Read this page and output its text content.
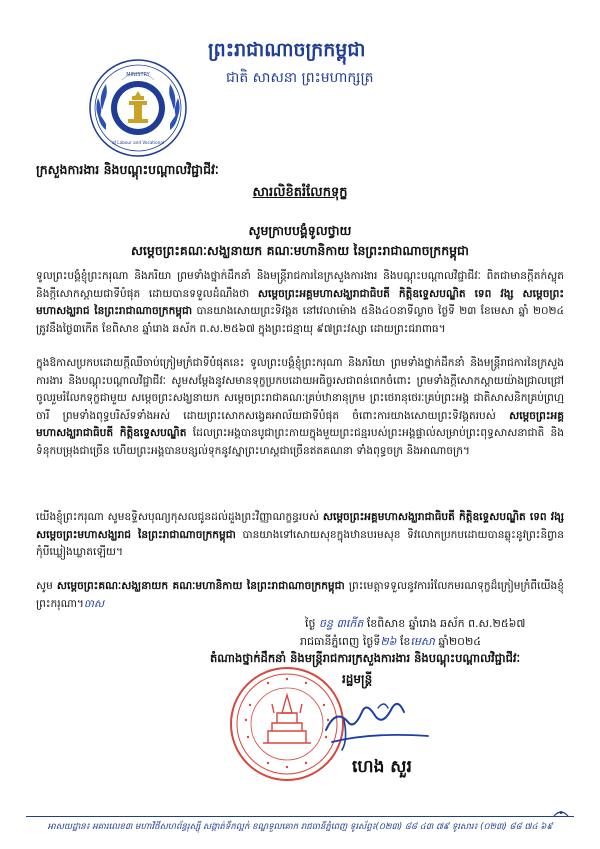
ព្រះរាជាណាចក្រកម្ពុជា
ជាតិ សាសនា ព្រះមហាក្សត្រ
MINISTRY
of Labour and Vocational
ក្រសួងការងារ និងបណ្តុះបណ្តាលវិជ្ជាជីវៈ
សារលិខិតរំលែកទុក្ខ
សូមក្រាបបង្គំទូលថ្វាយ
សម្តេចព្រះគណៈសង្ឃនាយក គណៈមហានិកាយ នៃព្រះរាជាណាចក្រកម្ពុជា
ទូលព្រះបង្គំខ្ញុំព្រះករុណា និងភរិយា ព្រមទាំងថ្នាក់ដឹកនាំ និងមន្ត្រីរាជការនៃក្រសួងការងារ និងបណ្តុះបណ្តាលវិជ្ជាជីវៈ ពិតជាមានក្តីតក់ស្លុតនិងក្តីសោកស្តាយជាទីបំផុត ដោយបានទទួលដំណឹងថា សម្តេចព្រះអគ្គមហាសង្ឃរាជាធិបតី កិត្តិឧទ្ទេសបណ្ឌិត ទេព វង្ស សម្តេចព្រះមហាសង្ឃរាជ នៃព្រះរាជាណាចក្រកម្ពុជា បានយាងសោយព្រះទិវង្គត នៅវេលាម៉ោង ៥និង៤០នាទីល្ងាច ថ្ងៃទី ២៣ ខែមេសា ឆ្នាំ ២០២៤ ត្រូវនឹងថ្ងៃ៣កើត ខែពិសាខ ឆ្នាំរោង ឆស័ក ព.ស.២៥៦៧ ក្នុងព្រះជន្មាយុ ៩៧ព្រះវស្សា ដោយព្រះជរាពាធ។
ក្នុងឱកាសប្រកបដោយក្តីឈឺចាប់ក្រៀមក្រំជាទីបំផុតនេះ ទូលព្រះបង្គំខ្ញុំព្រះករុណា និងភរិយា ព្រមទាំងថ្នាក់ដឹកនាំ និងមន្ត្រីរាជការនៃក្រសួងការងារ និងបណ្តុះបណ្តាលវិជ្ជាជីវៈ សូមសម្តែងនូវសមានទុក្ខប្រកបដោយអធិច្ចរសជាពន់ពេកចំពោះ ព្រមទាំងក្តីសោកស្តាយយ៉ាងជ្រាលជ្រៅ ចូលរួមរំលែកទុក្ខជាមួយ សម្តេចព្រះសង្ឃនាយក សម្តេចព្រះរាជាគណៈគ្រប់ឋានានុក្រម ព្រះថេរានុថេរៈគ្រប់ព្រះអង្គ ជាតិសាសនិកគ្រប់ព្រហ្មចារី ព្រមទាំងពុទ្ធបរិស័ទទាំងអស់ ដោយព្រះសោកសង្វេគអាល័យជាទីបំផុត ចំពោះការយាងសោយព្រះទិវង្គតរបស់ សម្តេចព្រះអគ្គមហាសង្ឃរាជាធិបតី កិត្តិឧទ្ទេសបណ្ឌិត ដែលព្រះអង្គបានបូជាព្រះកាយក្នុងមួយព្រះជន្មរបស់ព្រះអង្គផ្ទាល់សម្រាប់ព្រះពុទ្ធសាសនាជាតិ និងទំនុកបម្រុងជាច្រើន ហើយព្រះអង្គបានបន្សល់ទុកនូវស្នាព្រះហស្តជាច្រើនឥតគណនា ទាំងពុទ្ធចក្រ និងអាណាចក្រ។
យើងខ្ញុំព្រះករុណា សូមឧទ្ទិសបុណ្យកុសលជូនដល់ដួងព្រះវិញ្ញាណក្ខន្ធរបស់ សម្តេចព្រះអគ្គមហាសង្ឃរាជាធិបតី កិត្តិឧទ្ទេសបណ្ឌិត ទេព វង្ស សម្តេចព្រះមហាសង្ឃរាជ នៃព្រះរាជាណាចក្រកម្ពុជា បានយាងទៅសោយសុខក្នុងឋានបរមសុខ ទិវលោកប្រកបដោយបានឆ្លុះនូវព្រះនិព្វានកុំបីឃ្លៀងឃ្លាតឡើយ។
សូម សម្តេចព្រះគណៈសង្ឃនាយក គណៈមហានិកាយ នៃព្រះរាជាណាចក្រកម្ពុជា ព្រះមេត្តាទទួលនូវការរំលែកមរណទុក្ខដ៏ក្រៀមក្រំពីយើងខ្ញុំព្រះករុណា។ចាស
ថ្ងៃ ចន្ទ ៣កើត ខែពិសាខ ឆ្នាំរោង ឆស័ក ព.ស.២៥៦៧
រាជធានីភ្នំពេញ ថ្ងៃទី២៦ ខែមេសា ឆ្នាំ២០២៤
តំណាងថ្នាក់ដឹកនាំ និងមន្ត្រីរាជការក្រសួងការងារ និងបណ្តុះបណ្តាលវិជ្ជាជីវៈ
រដ្ឋមន្ត្រី
ហេង សួរ
អាសយដ្ឋាន៖ អគារលេខ៣ មហាវិថីសហព័ន្ធរុស្ស៊ី សង្កាត់ទឹកល្អក់ ខណ្ឌទួលគោក រាជធានីភ្នំពេញ ទូរស័ព្ទ៖(០២៣) ៨៨ ៤៣ ៧៩ ទូរសារ៖ (០២៣) ៨៨ ៧៤ ៦៩
